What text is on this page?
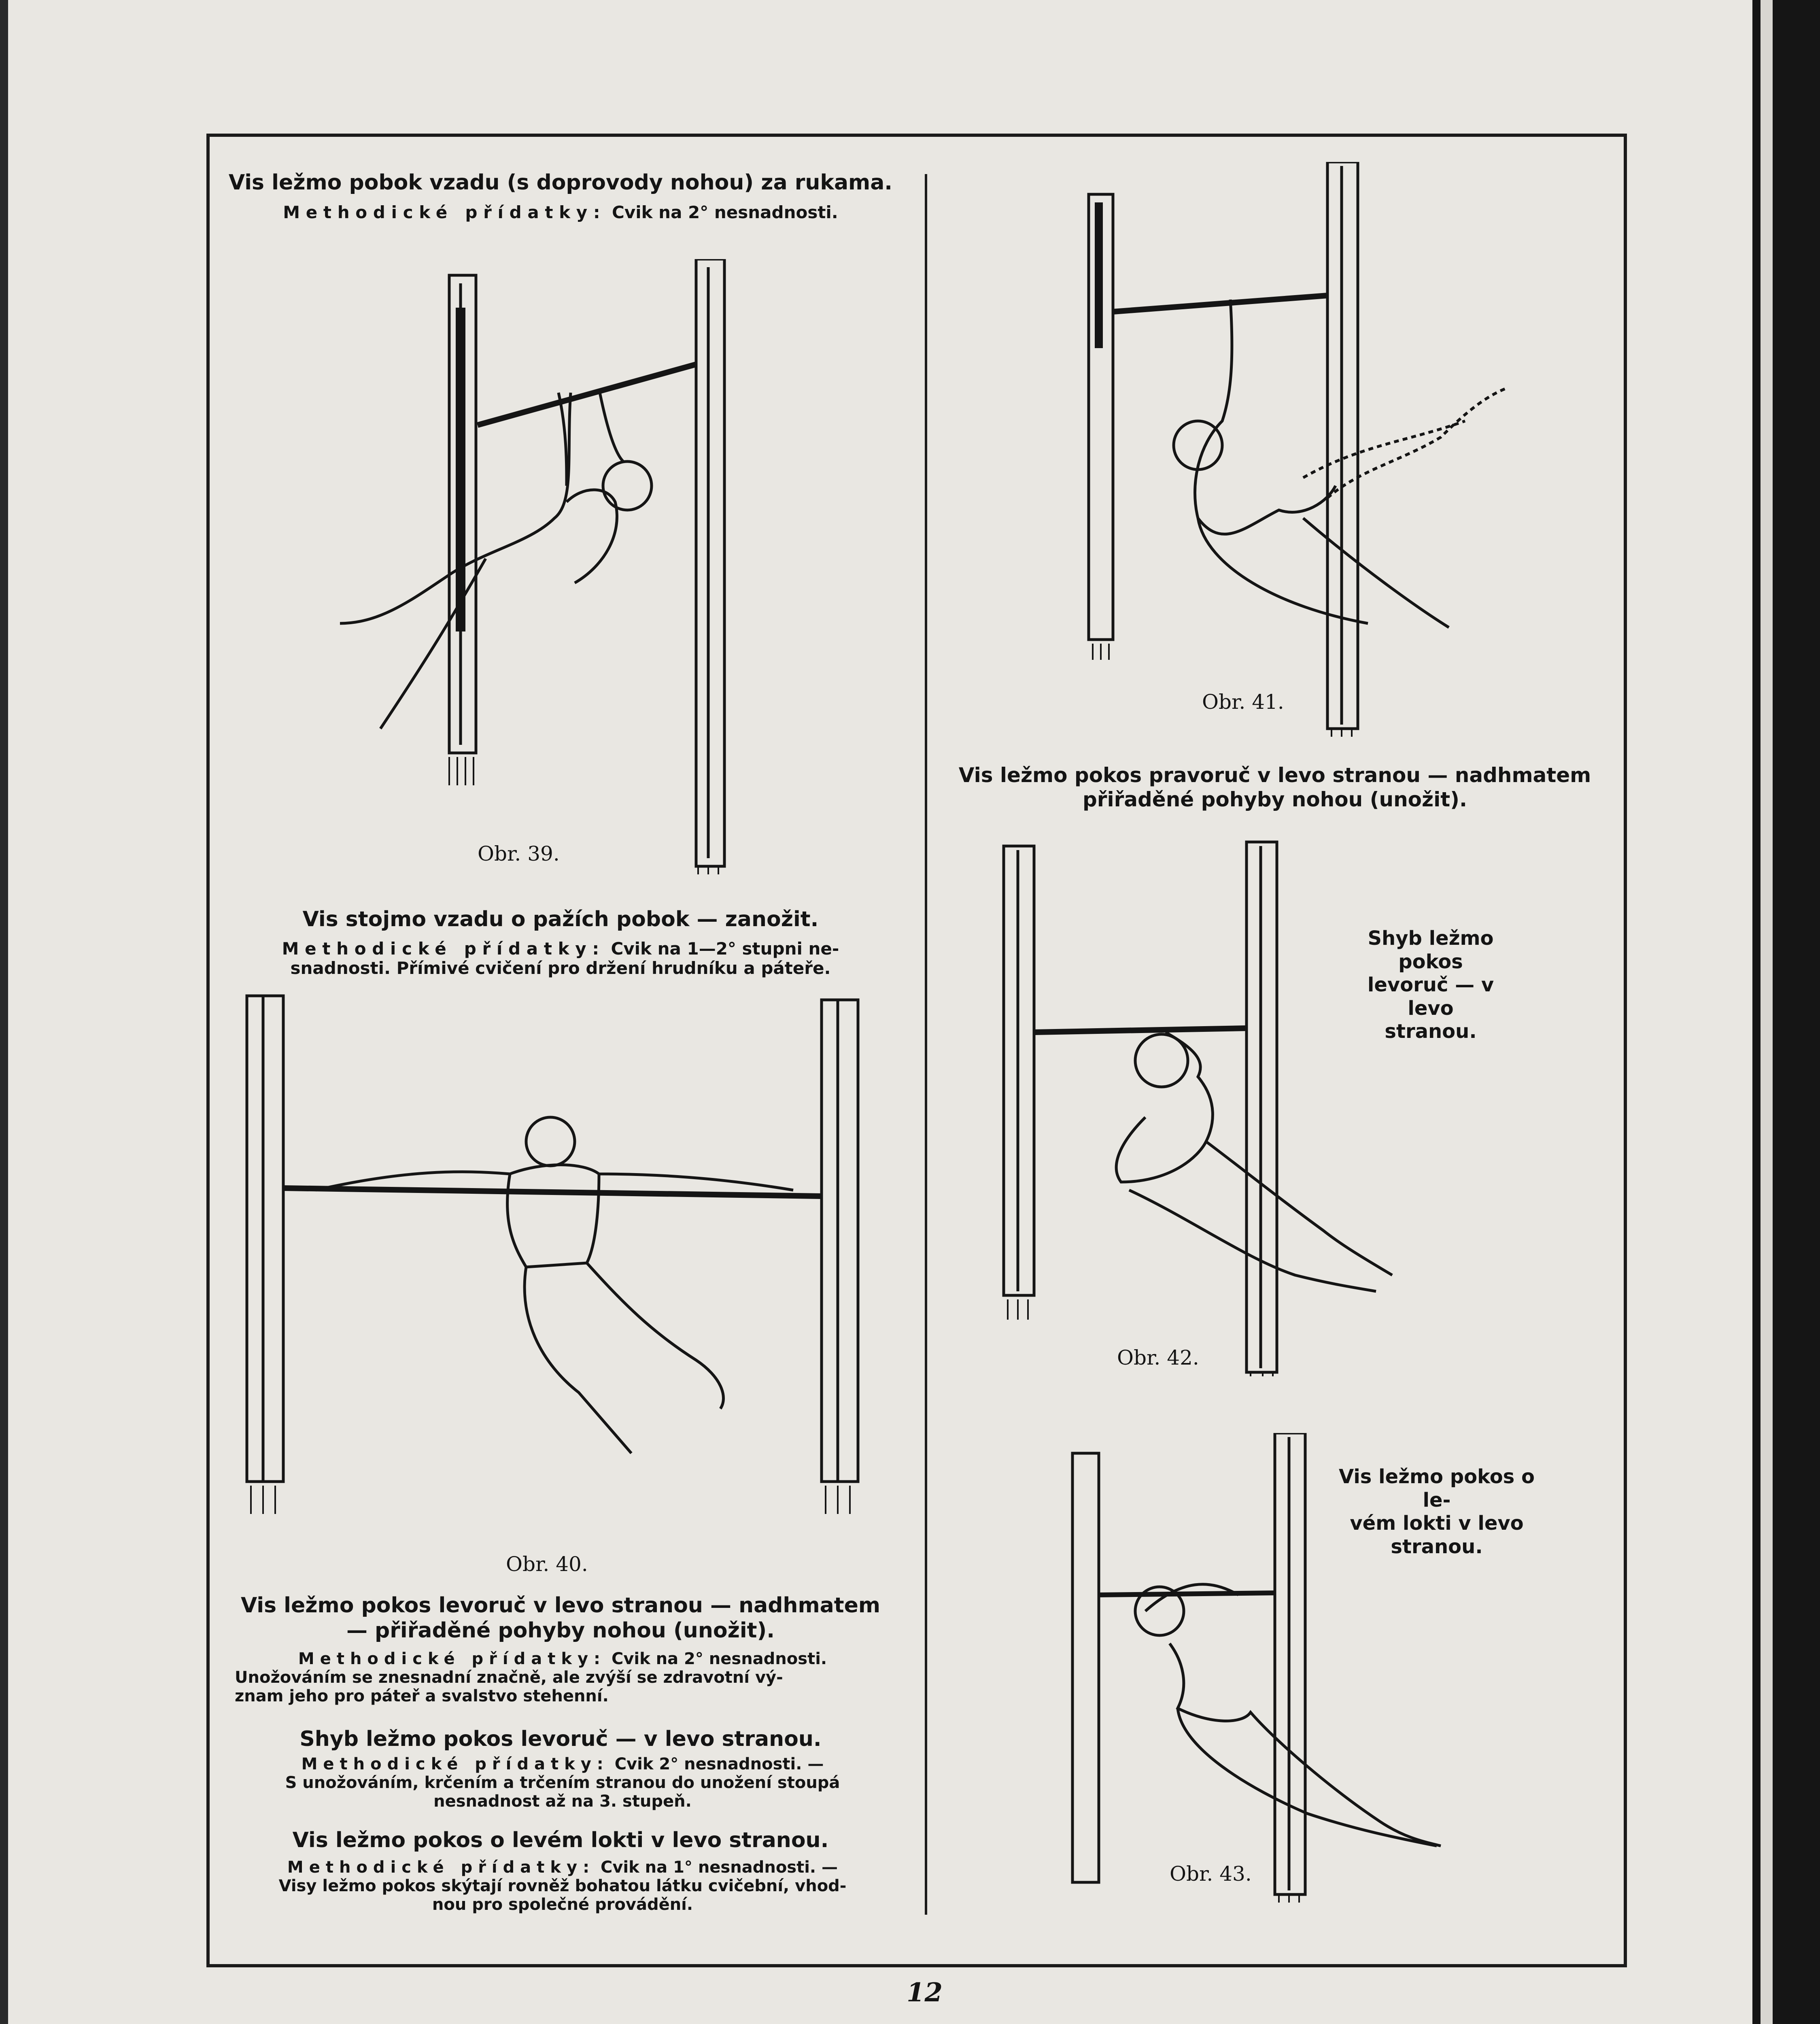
Vis ležmo pobok vzadu (s doprovody nohou) za rukama.
Methodické přídatky: Cvik na 2° nesnadnosti.
Obr. 39.
Vis stojmo vzadu o pažích pobok — zanožit.
Methodické přídatky: Cvik na 1—2° stupni ne-
snadnosti. Přímivé cvičení pro držení hrudníku a páteře.
Obr. 40.
Vis ležmo pokos levoruč v levo stranou — nadhmatem
— přiřaděné pohyby nohou (unožit).
Methodické přídatky: Cvik na 2° nesnadnosti.
Unožováním se znesnadní značně, ale zvýší se zdravotní vý-
znam jeho pro páteř a svalstvo stehenní.
Shyb ležmo pokos levoruč — v levo stranou.
Methodické přídatky: Cvik 2° nesnadnosti. —
S unožováním, krčením a trčením stranou do unožení stoupá
nesnadnost až na 3. stupeň.
Vis ležmo pokos o levém lokti v levo stranou.
Methodické přídatky: Cvik na 1° nesnadnosti. —
Visy ležmo pokos skýtají rovněž bohatou látku cvičební, vhod-
nou pro společné provádění.
Obr. 41.
Vis ležmo pokos pravoruč v levo stranou — nadhmatem
přiřaděné pohyby nohou (unožit).
Shyb ležmo pokos
levoruč — v levo
stranou.
Obr. 42.
Vis ležmo pokos o le-
vém lokti v levo
stranou.
Obr. 43.
12
